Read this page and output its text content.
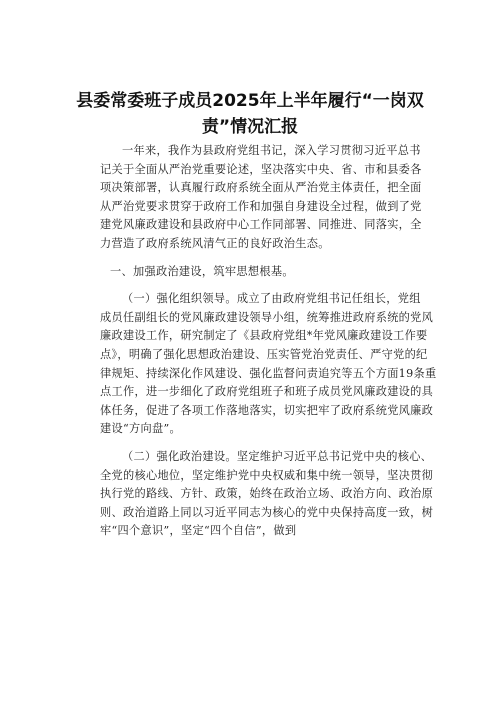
县委常委班子成员2025年上半年履行“一岗双
责”情况汇报
一年来，我作为县政府党组书记，深入学习贯彻习近平总书
记关于全面从严治党重要论述，坚决落实中央、省、市和县委各
项决策部署，认真履行政府系统全面从严治党主体责任，把全面
从严治党要求贯穿于政府工作和加强自身建设全过程，做到了党
建党风廉政建设和县政府中心工作同部署、同推进、同落实，全
力营造了政府系统风清气正的良好政治生态。
一、加强政治建设，筑牢思想根基。
（一）强化组织领导。成立了由政府党组书记任组长，党组
成员任副组长的党风廉政建设领导小组，统筹推进政府系统的党风
廉政建设工作，研究制定了《县政府党组*年党风廉政建设工作要
点》，明确了强化思想政治建设、压实管党治党责任、严守党的纪
律规矩、持续深化作风建设、强化监督问责追究等五个方面19条重
点工作，进一步细化了政府党组班子和班子成员党风廉政建设的具
体任务，促进了各项工作落地落实，切实把牢了政府系统党风廉政
建设“方向盘”。
（二）强化政治建设。坚定维护习近平总书记党中央的核心、
全党的核心地位，坚定维护党中央权威和集中统一领导，坚决贯彻
执行党的路线、方针、政策，始终在政治立场、政治方向、政治原
则、政治道路上同以习近平同志为核心的党中央保持高度一致，树
牢“四个意识”，坚定“四个自信”，做到
